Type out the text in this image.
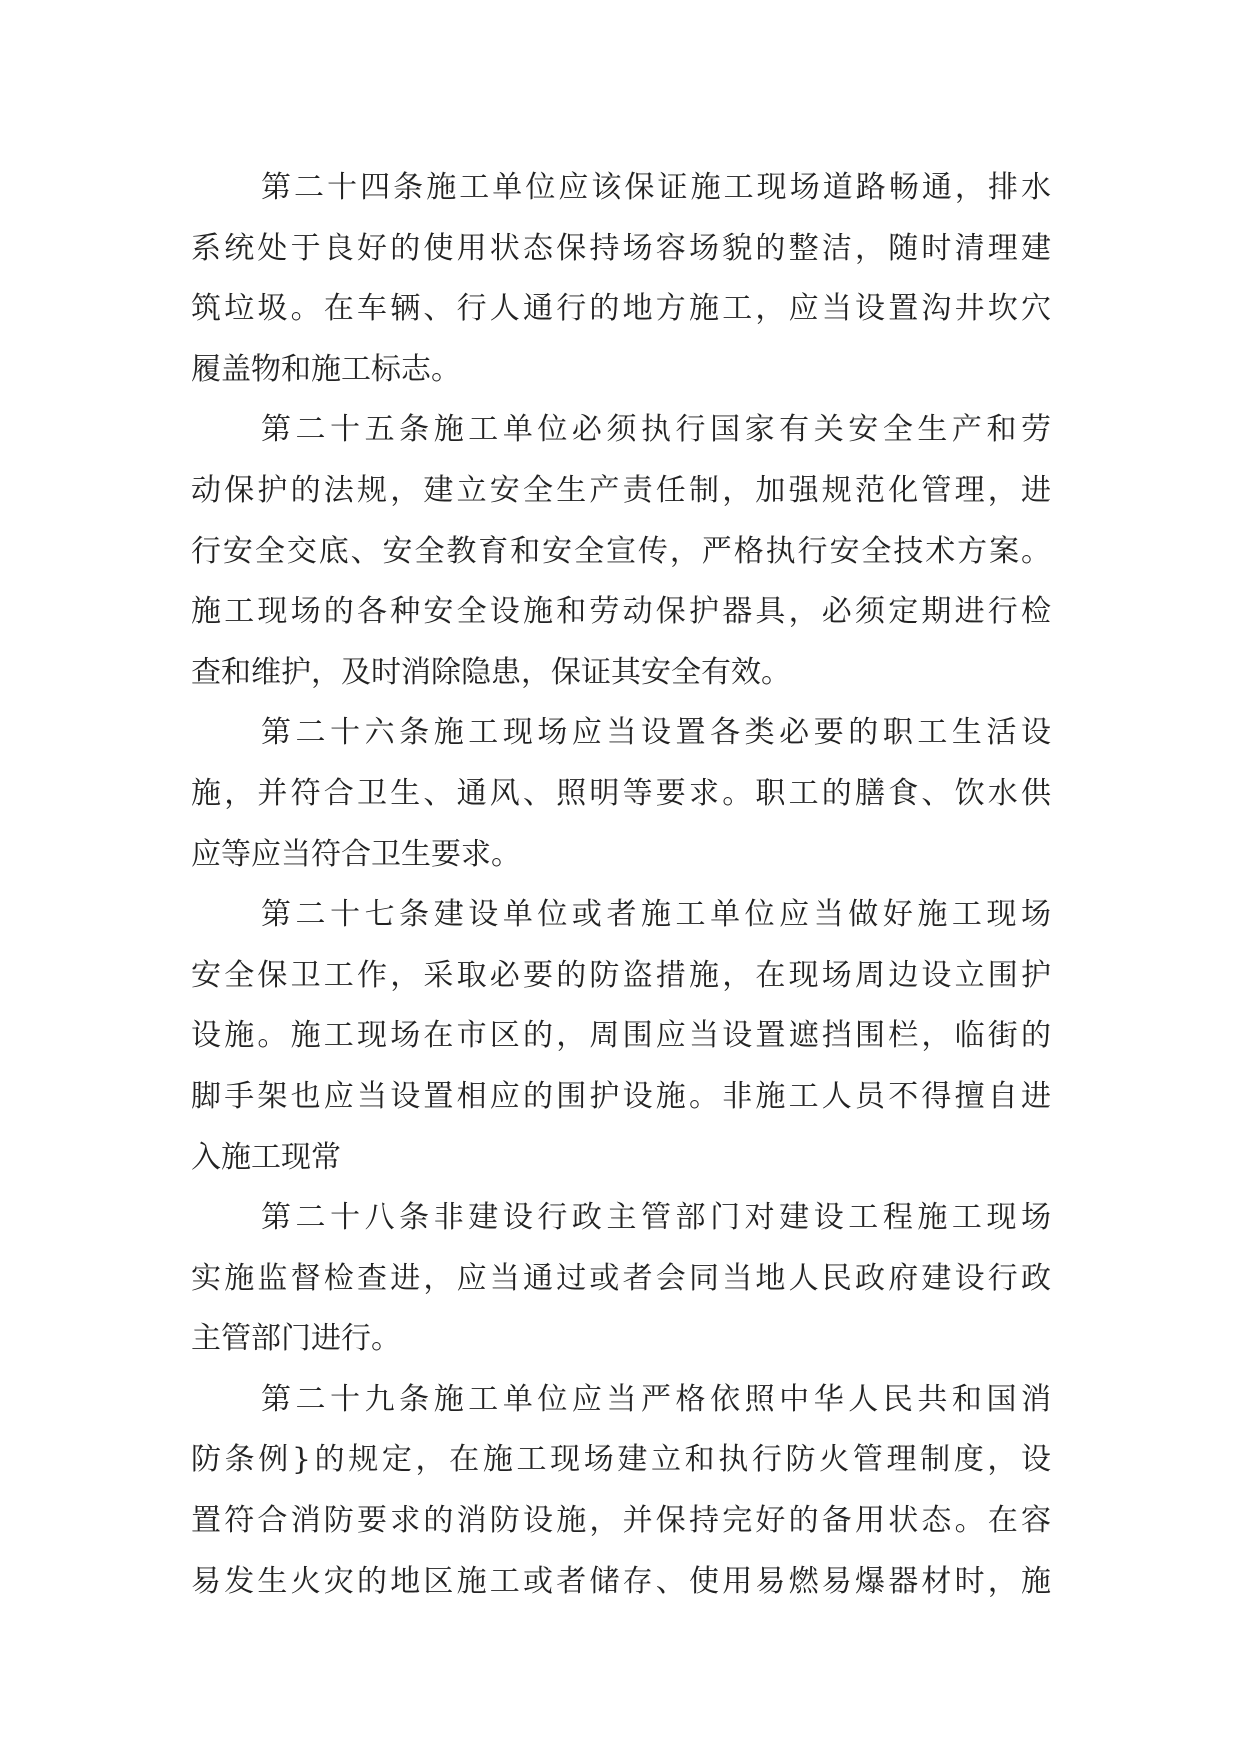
第二十四条施工单位应该保证施工现场道路畅通，排水
系统处于良好的使用状态保持场容场貌的整洁，随时清理建
筑垃圾。在车辆、行人通行的地方施工，应当设置沟井坎穴
履盖物和施工标志。
第二十五条施工单位必须执行国家有关安全生产和劳
动保护的法规，建立安全生产责任制，加强规范化管理，进
行安全交底、安全教育和安全宣传，严格执行安全技术方案。
施工现场的各种安全设施和劳动保护器具，必须定期进行检
查和维护，及时消除隐患，保证其安全有效。
第二十六条施工现场应当设置各类必要的职工生活设
施，并符合卫生、通风、照明等要求。职工的膳食、饮水供
应等应当符合卫生要求。
第二十七条建设单位或者施工单位应当做好施工现场
安全保卫工作，采取必要的防盗措施，在现场周边设立围护
设施。施工现场在市区的，周围应当设置遮挡围栏，临街的
脚手架也应当设置相应的围护设施。非施工人员不得擅自进
入施工现常
第二十八条非建设行政主管部门对建设工程施工现场
实施监督检查进，应当通过或者会同当地人民政府建设行政
主管部门进行。
第二十九条施工单位应当严格依照中华人民共和国消
防条例}的规定，在施工现场建立和执行防火管理制度，设
置符合消防要求的消防设施，并保持完好的备用状态。在容
易发生火灾的地区施工或者储存、使用易燃易爆器材时，施
